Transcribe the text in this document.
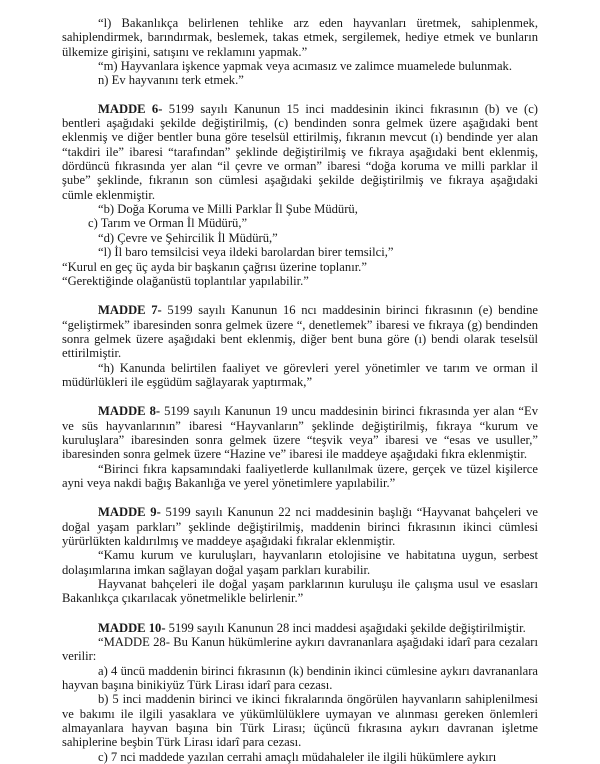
“l) Bakanlıkça belirlenen tehlike arz eden hayvanları üretmek, sahiplenmek, sahiplendirmek, barındırmak, beslemek, takas etmek, sergilemek, hediye etmek ve bunların ülkemize girişini, satışını ve reklamını yapmak.”

“m) Hayvanlara işkence yapmak veya acımasız ve zalimce muamelede bulunmak.

n) Ev hayvanını terk etmek.”

MADDE 6- 5199 sayılı Kanunun 15 inci maddesinin ikinci fıkrasının (b) ve (c) bentleri aşağıdaki şekilde değiştirilmiş, (c) bendinden sonra gelmek üzere aşağıdaki bent eklenmiş ve diğer bentler buna göre teselsül ettirilmiş, fıkranın mevcut (ı) bendinde yer alan “takdiri ile” ibaresi “tarafından” şeklinde değiştirilmiş ve fıkraya aşağıdaki bent eklenmiş, dördüncü fıkrasında yer alan “il çevre ve orman” ibaresi “doğa koruma ve milli parklar il şube” şeklinde, fıkranın son cümlesi aşağıdaki şekilde değiştirilmiş ve fıkraya aşağıdaki cümle eklenmiştir.

“b) Doğa Koruma ve Milli Parklar İl Şube Müdürü,

c) Tarım ve Orman İl Müdürü,”

“d) Çevre ve Şehircilik İl Müdürü,”

“l) İl baro temsilcisi veya ildeki barolardan birer temsilci,”

“Kurul en geç üç ayda bir başkanın çağrısı üzerine toplanır.”

“Gerektiğinde olağanüstü toplantılar yapılabilir.”

MADDE 7- 5199 sayılı Kanunun 16 ncı maddesinin birinci fıkrasının (e) bendine “geliştirmek” ibaresinden sonra gelmek üzere “, denetlemek” ibaresi ve fıkraya (g) bendinden sonra gelmek üzere aşağıdaki bent eklenmiş, diğer bent buna göre (ı) bendi olarak teselsül ettirilmiştir.

“h) Kanunda belirtilen faaliyet ve görevleri yerel yönetimler ve tarım ve orman il müdürlükleri ile eşgüdüm sağlayarak yaptırmak,”

MADDE 8- 5199 sayılı Kanunun 19 uncu maddesinin birinci fıkrasında yer alan “Ev ve süs hayvanlarının” ibaresi “Hayvanların” şeklinde değiştirilmiş, fıkraya “kurum ve kuruluşlara” ibaresinden sonra gelmek üzere “teşvik veya” ibaresi ve “esas ve usuller,” ibaresinden sonra gelmek üzere “Hazine ve” ibaresi ile maddeye aşağıdaki fıkra eklenmiştir.

“Birinci fıkra kapsamındaki faaliyetlerde kullanılmak üzere, gerçek ve tüzel kişilerce ayni veya nakdi bağış Bakanlığa ve yerel yönetimlere yapılabilir.”

MADDE 9- 5199 sayılı Kanunun 22 nci maddesinin başlığı “Hayvanat bahçeleri ve doğal yaşam parkları” şeklinde değiştirilmiş, maddenin birinci fıkrasının ikinci cümlesi yürürlükten kaldırılmış ve maddeye aşağıdaki fıkralar eklenmiştir.

“Kamu kurum ve kuruluşları, hayvanların etolojisine ve habitatına uygun, serbest dolaşımlarına imkan sağlayan doğal yaşam parkları kurabilir.

Hayvanat bahçeleri ile doğal yaşam parklarının kuruluşu ile çalışma usul ve esasları Bakanlıkça çıkarılacak yönetmelikle belirlenir.”

MADDE 10- 5199 sayılı Kanunun 28 inci maddesi aşağıdaki şekilde değiştirilmiştir.

“MADDE 28- Bu Kanun hükümlerine aykırı davrananlara aşağıdaki idarî para cezaları verilir:

a) 4 üncü maddenin birinci fıkrasının (k) bendinin ikinci cümlesine aykırı davrananlara hayvan başına binikiyüz Türk Lirası idarî para cezası.

b) 5 inci maddenin birinci ve ikinci fıkralarında öngörülen hayvanların sahiplenilmesi ve bakımı ile ilgili yasaklara ve yükümlülüklere uymayan ve alınması gereken önlemleri almayanlara hayvan başına bin Türk Lirası; üçüncü fıkrasına aykırı davranan işletme sahiplerine beşbin Türk Lirası idarî para cezası.

c) 7 nci maddede yazılan cerrahi amaçlı müdahaleler ile ilgili hükümlere aykırı
